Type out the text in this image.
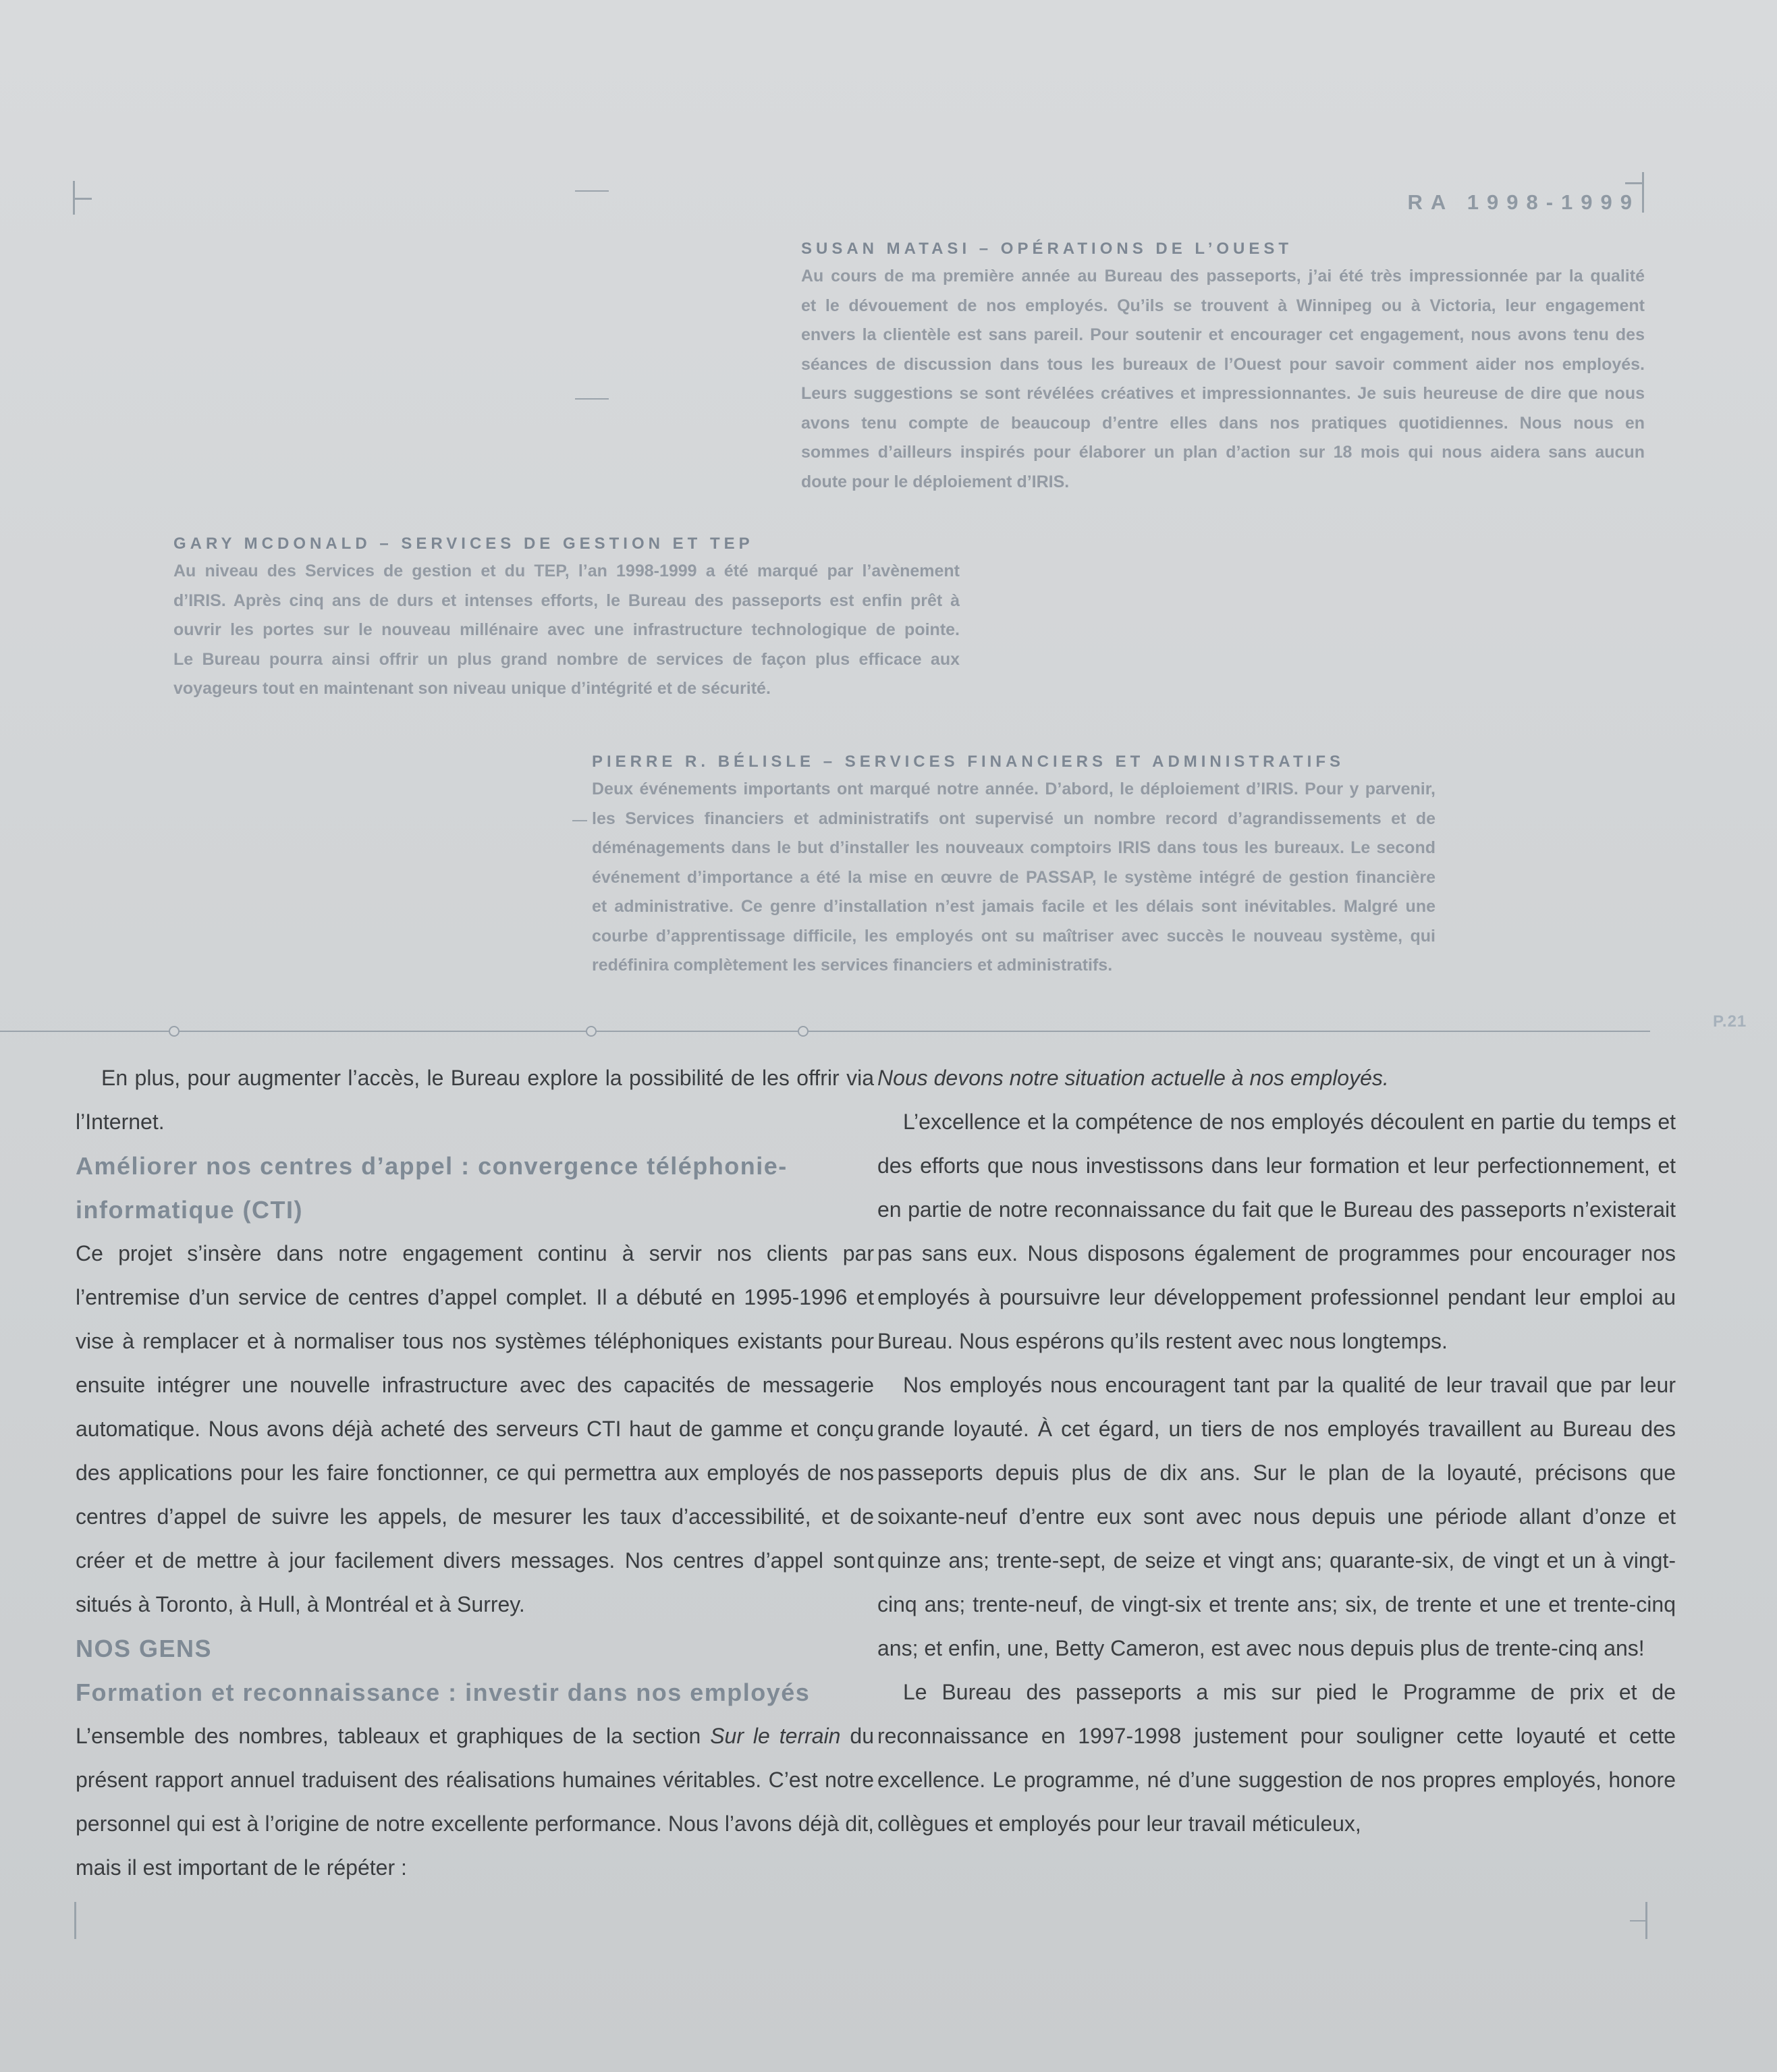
RA 1998-1999
SUSAN MATASI – OPÉRATIONS DE L’OUEST
Au cours de ma première année au Bureau des passeports, j’ai été très impressionnée par la qualité
et le dévouement de nos employés. Qu’ils se trouvent à Winnipeg ou à Victoria, leur engagement
envers la clientèle est sans pareil. Pour soutenir et encourager cet engagement, nous avons tenu des
séances de discussion dans tous les bureaux de l’Ouest pour savoir comment aider nos employés.
Leurs suggestions se sont révélées créatives et impressionnantes. Je suis heureuse de dire que nous
avons tenu compte de beaucoup d’entre elles dans nos pratiques quotidiennes. Nous nous en
sommes d’ailleurs inspirés pour élaborer un plan d’action sur 18 mois qui nous aidera sans aucun
doute pour le déploiement d’IRIS.
GARY MCDONALD – SERVICES DE GESTION ET TEP
Au niveau des Services de gestion et du TEP, l’an 1998-1999 a été marqué par l’avènement
d’IRIS. Après cinq ans de durs et intenses efforts, le Bureau des passeports est enfin prêt à
ouvrir les portes sur le nouveau millénaire avec une infrastructure technologique de pointe.
Le Bureau pourra ainsi offrir un plus grand nombre de services de façon plus efficace aux
voyageurs tout en maintenant son niveau unique d’intégrité et de sécurité.
PIERRE R. BÉLISLE – SERVICES FINANCIERS ET ADMINISTRATIFS
Deux événements importants ont marqué notre année. D’abord, le déploiement d’IRIS. Pour y parvenir,
les Services financiers et administratifs ont supervisé un nombre record d’agrandissements et de
déménagements dans le but d’installer les nouveaux comptoirs IRIS dans tous les bureaux. Le second
événement d’importance a été la mise en œuvre de PASSAP, le système intégré de gestion financière
et administrative. Ce genre d’installation n’est jamais facile et les délais sont inévitables. Malgré une
courbe d’apprentissage difficile, les employés ont su maîtriser avec succès le nouveau système, qui
redéfinira complètement les services financiers et administratifs.
P.21

En plus, pour augmenter l’accès, le Bureau explore la possibilité de les offrir via l’Internet.

Améliorer nos centres d’appel : convergence téléphonie-informatique (CTI)

Ce projet s’insère dans notre engagement continu à servir nos clients par l’entremise d’un service de centres d’appel complet. Il a débuté en 1995-1996 et vise à remplacer et à normaliser tous nos systèmes téléphoniques existants pour ensuite intégrer une nouvelle infrastructure avec des capacités de messagerie automatique. Nous avons déjà acheté des serveurs CTI haut de gamme et conçu des applications pour les faire fonctionner, ce qui permettra aux employés de nos centres d’appel de suivre les appels, de mesurer les taux d’accessibilité, et de créer et de mettre à jour facilement divers messages. Nos centres d’appel sont situés à Toronto, à Hull, à Montréal et à Surrey.

NOS GENS
Formation et reconnaissance : investir dans nos employés

L’ensemble des nombres, tableaux et graphiques de la section Sur le terrain du présent rapport annuel traduisent des réalisations humaines véritables. C’est notre personnel qui est à l’origine de notre excellente performance. Nous l’avons déjà dit, mais il est important de le répéter :

Nous devons notre situation actuelle à nos employés.

L’excellence et la compétence de nos employés découlent en partie du temps et des efforts que nous investissons dans leur formation et leur perfectionnement, et en partie de notre reconnaissance du fait que le Bureau des passeports n’existerait pas sans eux. Nous disposons également de programmes pour encourager nos employés à poursuivre leur développement professionnel pendant leur emploi au Bureau. Nous espérons qu’ils restent avec nous longtemps.

Nos employés nous encouragent tant par la qualité de leur travail que par leur grande loyauté. À cet égard, un tiers de nos employés travaillent au Bureau des passeports depuis plus de dix ans. Sur le plan de la loyauté, précisons que soixante-neuf d’entre eux sont avec nous depuis une période allant d’onze et quinze ans; trente-sept, de seize et vingt ans; quarante-six, de vingt et un à vingt-cinq ans; trente-neuf, de vingt-six et trente ans; six, de trente et une et trente-cinq ans; et enfin, une, Betty Cameron, est avec nous depuis plus de trente-cinq ans!

Le Bureau des passeports a mis sur pied le Programme de prix et de reconnaissance en 1997-1998 justement pour souligner cette loyauté et cette excellence. Le programme, né d’une suggestion de nos propres employés, honore collègues et employés pour leur travail méticuleux,
